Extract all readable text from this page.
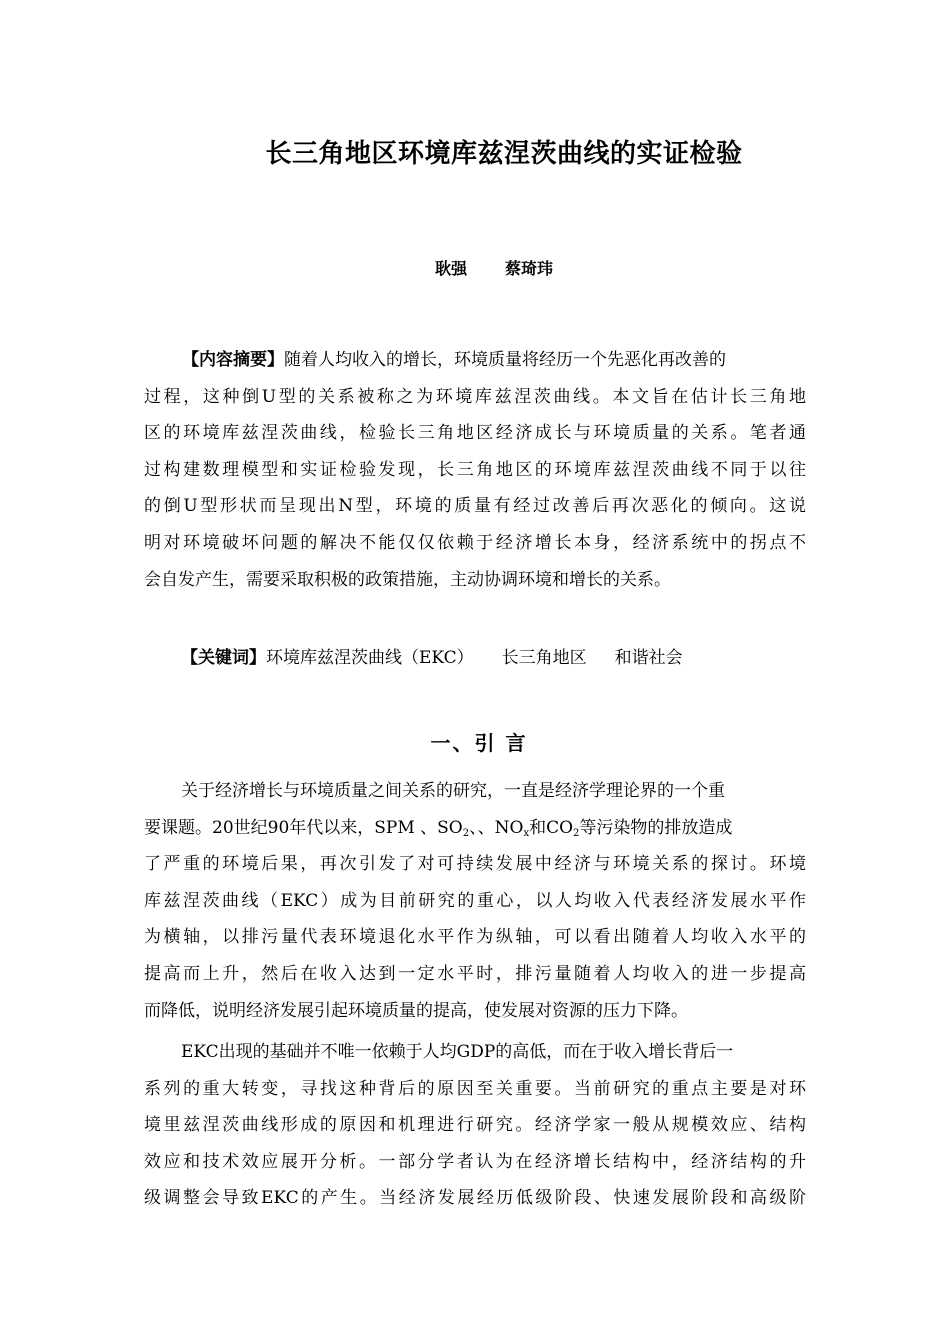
长三角地区环境库兹涅茨曲线的实证检验
耿强 蔡琦玮
【内容摘要】随着人均收入的增长，环境质量将经历一个先恶化再改善的
过程，这种倒U型的关系被称之为环境库兹涅茨曲线。本文旨在估计长三角地
区的环境库兹涅茨曲线，检验长三角地区经济成长与环境质量的关系。笔者通
过构建数理模型和实证检验发现，长三角地区的环境库兹涅茨曲线不同于以往
的倒U型形状而呈现出N型，环境的质量有经过改善后再次恶化的倾向。这说
明对环境破坏问题的解决不能仅仅依赖于经济增长本身，经济系统中的拐点不
会自发产生，需要采取积极的政策措施，主动协调环境和增长的关系。
【关键词】环境库兹涅茨曲线（EKC） 长三角地区 和谐社会
一、引 言
关于经济增长与环境质量之间关系的研究，一直是经济学理论界的一个重
要课题。20世纪90年代以来，SPM 、$SO_2$、、$NO_x$和$CO_2$等污染物的排放造成
了严重的环境后果，再次引发了对可持续发展中经济与环境关系的探讨。环境
库兹涅茨曲线（EKC）成为目前研究的重心，以人均收入代表经济发展水平作
为横轴，以排污量代表环境退化水平作为纵轴，可以看出随着人均收入水平的
提高而上升，然后在收入达到一定水平时，排污量随着人均收入的进一步提高
而降低，说明经济发展引起环境质量的提高，使发展对资源的压力下降。
EKC出现的基础并不唯一依赖于人均GDP的高低，而在于收入增长背后一
系列的重大转变，寻找这种背后的原因至关重要。当前研究的重点主要是对环
境里兹涅茨曲线形成的原因和机理进行研究。经济学家一般从规模效应、结构
效应和技术效应展开分析。一部分学者认为在经济增长结构中，经济结构的升
级调整会导致EKC的产生。当经济发展经历低级阶段、快速发展阶段和高级阶
